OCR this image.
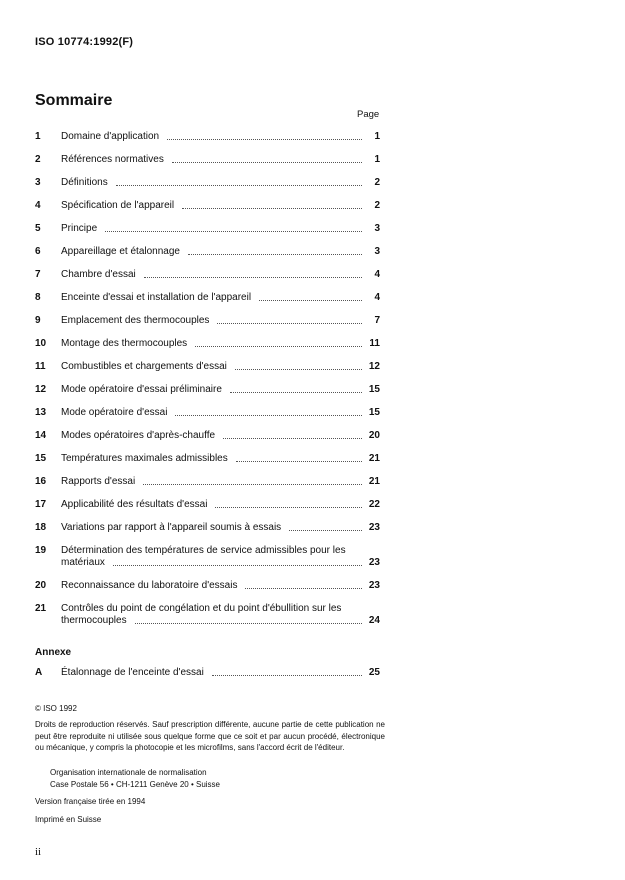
ISO 10774:1992(F)
Sommaire
Page
1	Domaine d'application	1
2	Références normatives	1
3	Définitions	2
4	Spécification de l'appareil	2
5	Principe	3
6	Appareillage et étalonnage	3
7	Chambre d'essai	4
8	Enceinte d'essai et installation de l'appareil	4
9	Emplacement des thermocouples	7
10	Montage des thermocouples	11
11	Combustibles et chargements d'essai	12
12	Mode opératoire d'essai préliminaire	15
13	Mode opératoire d'essai	15
14	Modes opératoires d'après-chauffe	20
15	Températures maximales admissibles	21
16	Rapports d'essai	21
17	Applicabilité des résultats d'essai	22
18	Variations par rapport à l'appareil soumis à essais	23
19	Détermination des températures de service admissibles pour les
matériaux	23
20	Reconnaissance du laboratoire d'essais	23
21	Contrôles du point de congélation et du point d'ébullition sur les
thermocouples	24
Annexe
A	Étalonnage de l'enceinte d'essai	25
© ISO 1992
Droits de reproduction réservés. Sauf prescription différente, aucune partie de cette publication ne peut être reproduite ni utilisée sous quelque forme que ce soit et par aucun procédé, électronique ou mécanique, y compris la photocopie et les microfilms, sans l'accord écrit de l'éditeur.
Organisation internationale de normalisation
Case Postale 56 • CH-1211 Genève 20 • Suisse
Version française tirée en 1994
Imprimé en Suisse
ii
